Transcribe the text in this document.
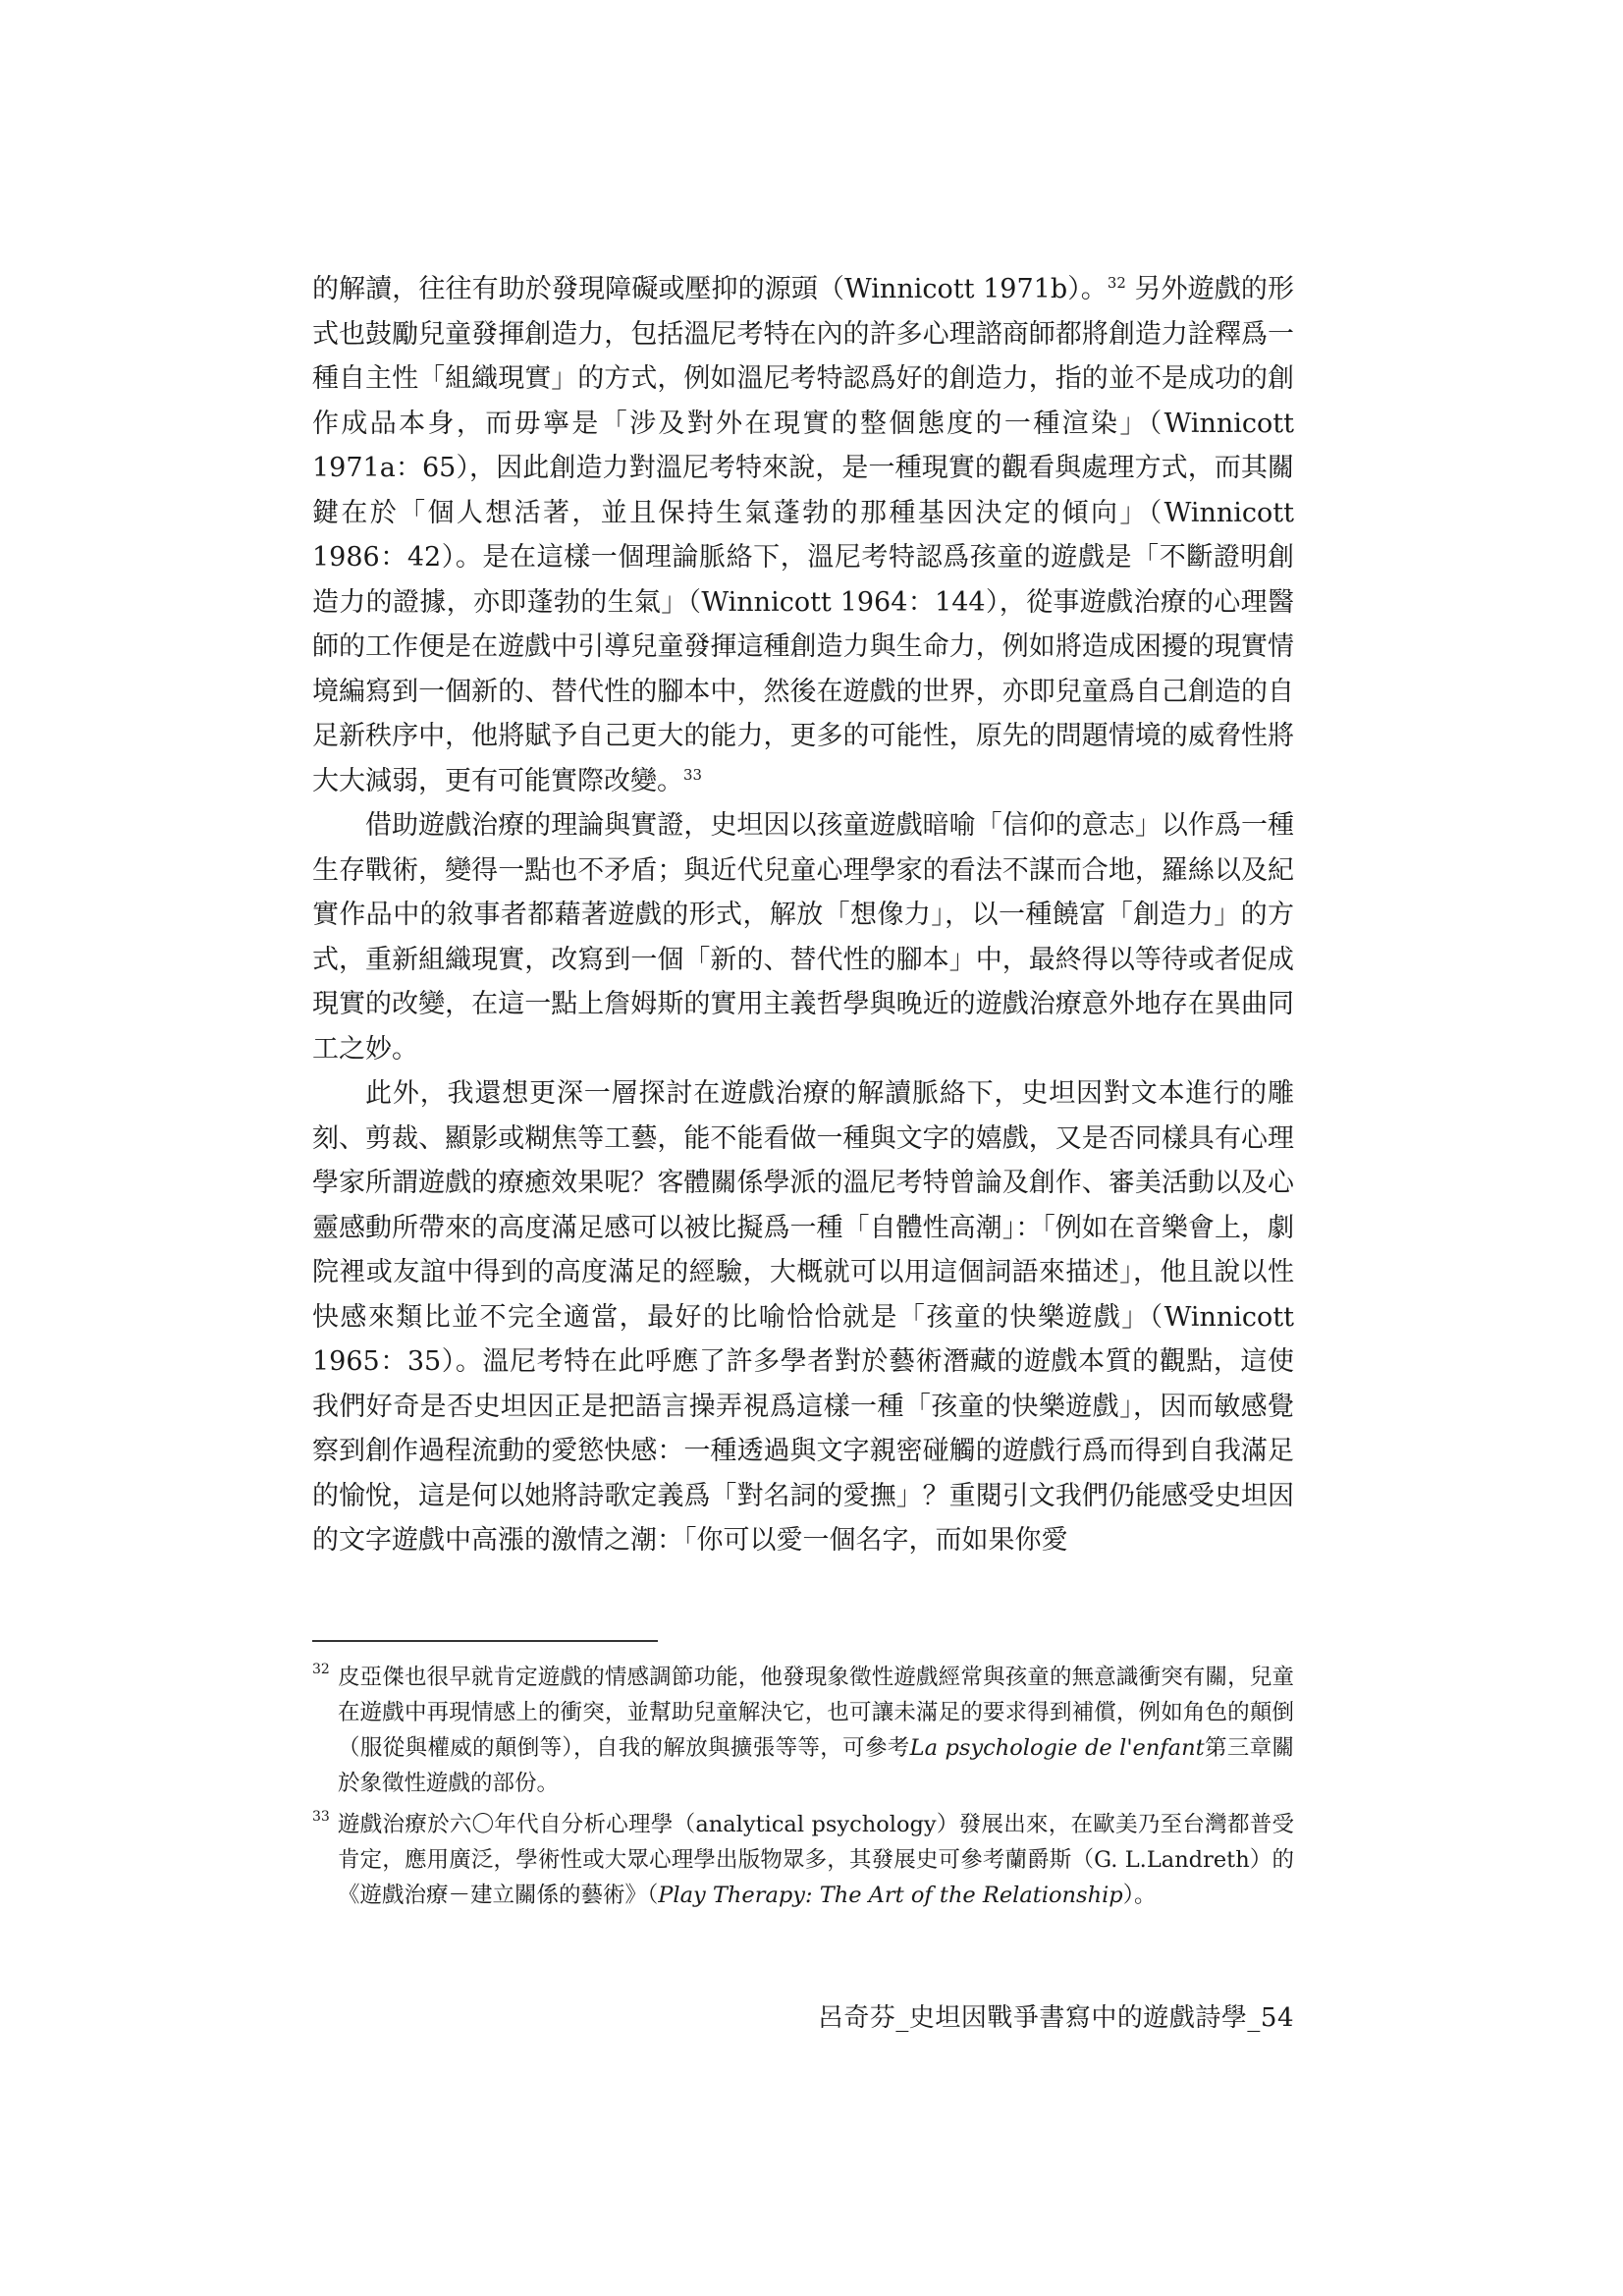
的解讀，往往有助於發現障礙或壓抑的源頭（Winnicott 1971b）。$^{32}$ 另外遊戲的形式也鼓勵兒童發揮創造力，包括溫尼考特在內的許多心理諮商師都將創造力詮釋爲一種自主性「組織現實」的方式，例如溫尼考特認爲好的創造力，指的並不是成功的創作成品本身，而毋寧是「涉及對外在現實的整個態度的一種渲染」（Winnicott 1971a：65），因此創造力對溫尼考特來說，是一種現實的觀看與處理方式，而其關鍵在於「個人想活著，並且保持生氣蓬勃的那種基因決定的傾向」（Winnicott 1986：42）。是在這樣一個理論脈絡下，溫尼考特認爲孩童的遊戲是「不斷證明創造力的證據，亦即蓬勃的生氣」（Winnicott 1964：144），從事遊戲治療的心理醫師的工作便是在遊戲中引導兒童發揮這種創造力與生命力，例如將造成困擾的現實情境編寫到一個新的、替代性的腳本中，然後在遊戲的世界，亦即兒童爲自己創造的自足新秩序中，他將賦予自己更大的能力，更多的可能性，原先的問題情境的威脅性將大大減弱，更有可能實際改變。$^{33}$

借助遊戲治療的理論與實證，史坦因以孩童遊戲暗喻「信仰的意志」以作爲一種生存戰術，變得一點也不矛盾；與近代兒童心理學家的看法不謀而合地，羅絲以及紀實作品中的敘事者都藉著遊戲的形式，解放「想像力」，以一種饒富「創造力」的方式，重新組織現實，改寫到一個「新的、替代性的腳本」中，最終得以等待或者促成現實的改變，在這一點上詹姆斯的實用主義哲學與晚近的遊戲治療意外地存在異曲同工之妙。

此外，我還想更深一層探討在遊戲治療的解讀脈絡下，史坦因對文本進行的雕刻、剪裁、顯影或糊焦等工藝，能不能看做一種與文字的嬉戲，又是否同樣具有心理學家所謂遊戲的療癒效果呢？客體關係學派的溫尼考特曾論及創作、審美活動以及心靈感動所帶來的高度滿足感可以被比擬爲一種「自體性高潮」：「例如在音樂會上，劇院裡或友誼中得到的高度滿足的經驗，大概就可以用這個詞語來描述」，他且說以性快感來類比並不完全適當，最好的比喻恰恰就是「孩童的快樂遊戲」（Winnicott 1965：35）。溫尼考特在此呼應了許多學者對於藝術潛藏的遊戲本質的觀點，這使我們好奇是否史坦因正是把語言操弄視爲這樣一種「孩童的快樂遊戲」，因而敏感覺察到創作過程流動的愛慾快感：一種透過與文字親密碰觸的遊戲行爲而得到自我滿足的愉悅，這是何以她將詩歌定義爲「對名詞的愛撫」？重閱引文我們仍能感受史坦因的文字遊戲中高漲的激情之潮：「你可以愛一個名字，而如果你愛

32 皮亞傑也很早就肯定遊戲的情感調節功能，他發現象徵性遊戲經常與孩童的無意識衝突有關，兒童在遊戲中再現情感上的衝突，並幫助兒童解決它，也可讓未滿足的要求得到補償，例如角色的顛倒（服從與權威的顛倒等），自我的解放與擴張等等，可參考La psychologie de l'enfant第三章關於象徵性遊戲的部份。
33 遊戲治療於六〇年代自分析心理學（analytical psychology）發展出來，在歐美乃至台灣都普受肯定，應用廣泛，學術性或大眾心理學出版物眾多，其發展史可參考蘭爵斯（G. L.Landreth）的《遊戲治療－建立關係的藝術》（Play Therapy: The Art of the Relationship）。
呂奇芬_史坦因戰爭書寫中的遊戲詩學_54
